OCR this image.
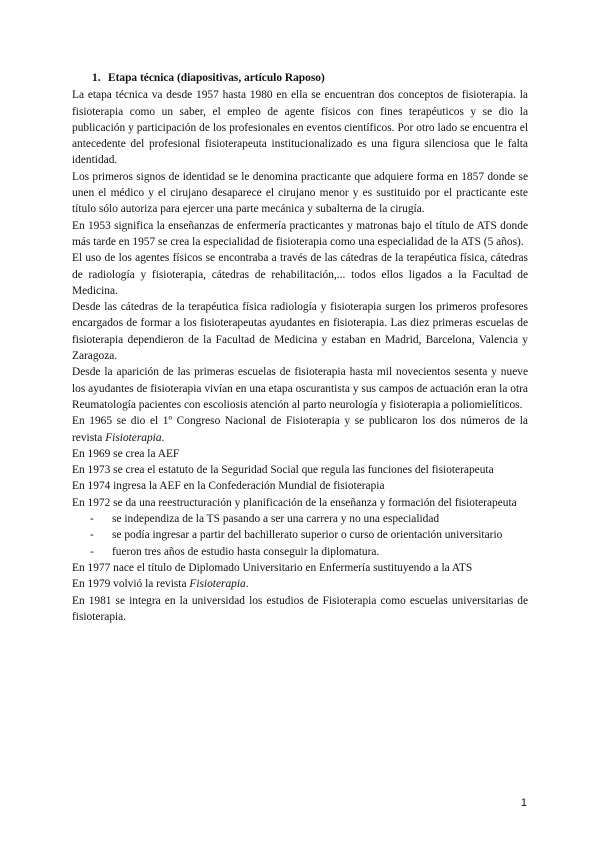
1. Etapa técnica (diapositivas, artículo Raposo)

La etapa técnica va desde 1957 hasta 1980 en ella se encuentran dos conceptos de fisioterapia. la fisioterapia como un saber, el empleo de agente físicos con fines terapéuticos y se dio la publicación y participación de los profesionales en eventos científicos. Por otro lado se encuentra el antecedente del profesional fisioterapeuta institucionalizado es una figura silenciosa que le falta identidad.

Los primeros signos de identidad se le denomina practicante que adquiere forma en 1857 donde se unen el médico y el cirujano desaparece el cirujano menor y es sustituido por el practicante este título sólo autoriza para ejercer una parte mecánica y subalterna de la cirugía.

En 1953 significa la enseñanzas de enfermería practicantes y matronas bajo el título de ATS donde más tarde en 1957 se crea la especialidad de fisioterapia como una especialidad de la ATS (5 años).

El uso de los agentes físicos se encontraba a través de las cátedras de la terapéutica física, cátedras de radiología y fisioterapia, cátedras de rehabilitación,... todos ellos ligados a la Facultad de Medicina.

Desde las cátedras de la terapéutica física radiología y fisioterapia surgen los primeros profesores encargados de formar a los fisioterapeutas ayudantes en fisioterapia. Las diez primeras escuelas de fisioterapia dependieron de la Facultad de Medicina y estaban en Madrid, Barcelona, Valencia y Zaragoza.

Desde la aparición de las primeras escuelas de fisioterapia hasta mil novecientos sesenta y nueve los ayudantes de fisioterapia vivían en una etapa oscurantista y sus campos de actuación eran la otra Reumatología pacientes con escoliosis atención al parto neurología y fisioterapia a poliomielíticos.

En 1965 se dio el 1º Congreso Nacional de Fisioterapia y se publicaron los dos números de la revista Fisioterapia.

En 1969 se crea la AEF

En 1973 se crea el estatuto de la Seguridad Social que regula las funciones del fisioterapeuta

En 1974 ingresa la AEF en la Confederación Mundial de fisioterapia

En 1972 se da una reestructuración y planificación de la enseñanza y formación del fisioterapeuta

- se independiza de la TS pasando a ser una carrera y no una especialidad
- se podía ingresar a partir del bachillerato superior o curso de orientación universitario
- fueron tres años de estudio hasta conseguir la diplomatura.

En 1977 nace el título de Diplomado Universitario en Enfermería sustituyendo a la ATS

En 1979 volvió la revista Fisioterapia.

En 1981 se integra en la universidad los estudios de Fisioterapia como escuelas universitarias de fisioterapia.

1
